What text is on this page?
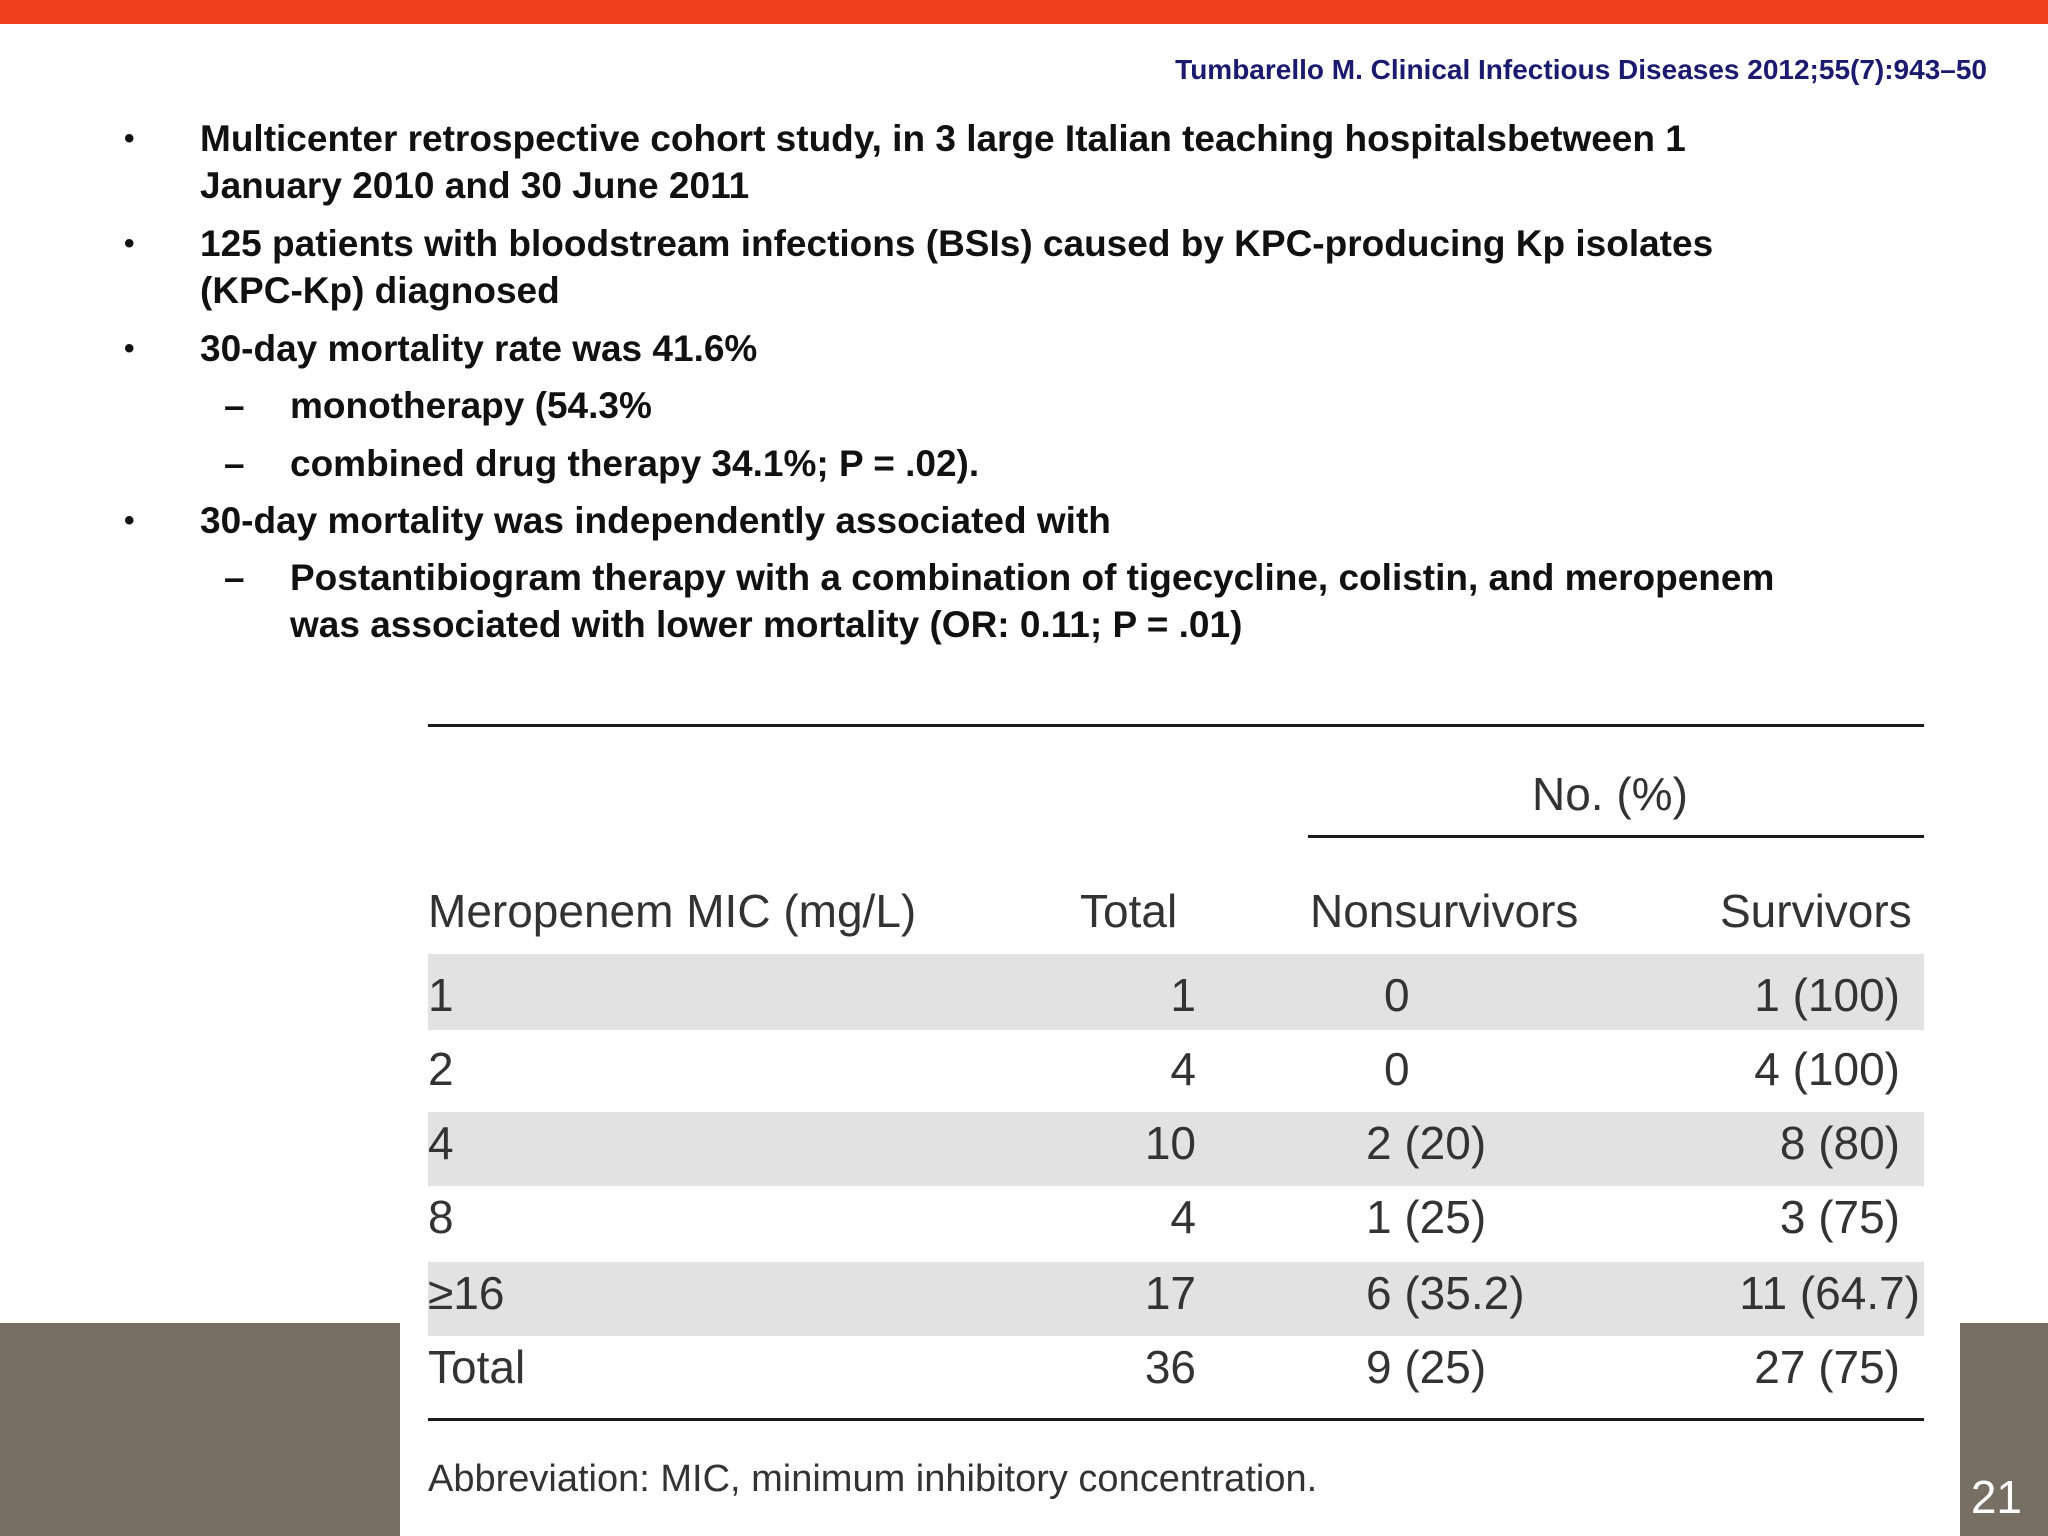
Tumbarello M. Clinical Infectious Diseases 2012;55(7):943–50
• Multicenter retrospective cohort study, in 3 large Italian teaching hospitalsbetween 1
January 2010 and 30 June 2011
• 125 patients with bloodstream infections (BSIs) caused by KPC-producing Kp isolates
(KPC-Kp) diagnosed
• 30-day mortality rate was 41.6%
– monotherapy (54.3%
– combined drug therapy 34.1%; P = .02).
• 30-day mortality was independently associated with
– Postantibiogram therapy with a combination of tigecycline, colistin, and meropenem
was associated with lower mortality (OR: 0.11; P = .01)
21
No. (%)
Meropenem MIC (mg/L)	Total	Nonsurvivors	Survivors
1	1	0	1 (100)
2	4	0	4 (100)
4	10	2 (20)	8 (80)
8	4	1 (25)	3 (75)
≥16	17	6 (35.2)	11 (64.7)
Total	36	9 (25)	27 (75)
Abbreviation: MIC, minimum inhibitory concentration.
